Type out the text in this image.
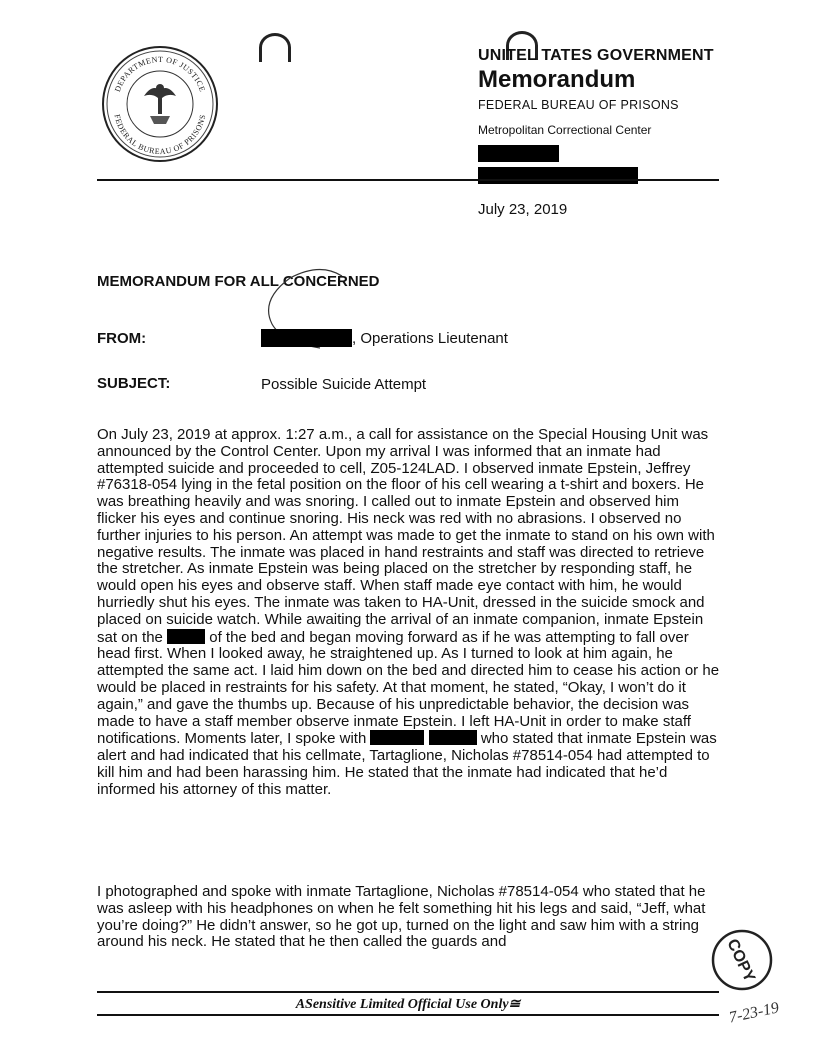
DEPARTMENT OF JUSTICE
FEDERAL BUREAU OF PRISONS
UNITEL TATES GOVERNMENT
Memorandum
FEDERAL BUREAU OF PRISONS
Metropolitan Correctional Center
July 23, 2019
MEMORANDUM FOR ALL CONCERNED
FROM:	, Operations Lieutenant
SUBJECT:	Possible Suicide Attempt

On July 23, 2019 at approx. 1:27 a.m., a call for assistance on the Special Housing Unit was announced by the Control Center. Upon my arrival I was informed that an inmate had attempted suicide and proceeded to cell, Z05-124LAD. I observed inmate Epstein, Jeffrey #76318-054 lying in the fetal position on the floor of his cell wearing a t-shirt and boxers. He was breathing heavily and was snoring. I called out to inmate Epstein and observed him flicker his eyes and continue snoring. His neck was red with no abrasions. I observed no further injuries to his person. An attempt was made to get the inmate to stand on his own with negative results. The inmate was placed in hand restraints and staff was directed to retrieve the stretcher. As inmate Epstein was being placed on the stretcher by responding staff, he would open his eyes and observe staff. When staff made eye contact with him, he would hurriedly shut his eyes. The inmate was taken to HA-Unit, dressed in the suicide smock and placed on suicide watch. While awaiting the arrival of an inmate companion, inmate Epstein sat on the	of the bed and began moving forward as if he was attempting to fall over head first. When I looked away, he straightened up. As I turned to look at him again, he attempted the same act. I laid him down on the bed and directed him to cease his action or he would be placed in restraints for his safety. At that moment, he stated, “Okay, I won’t do it again,” and gave the thumbs up. Because of his unpredictable behavior, the decision was made to have a staff member observe inmate Epstein. I left HA-Unit in order to make staff notifications. Moments later, I spoke with	who stated that inmate Epstein was alert and had indicated that his cellmate, Tartaglione, Nicholas #78514-054 had attempted to kill him and had been harassing him. He stated that the inmate had indicated that he’d informed his attorney of this matter.

I photographed and spoke with inmate Tartaglione, Nicholas #78514-054 who stated that he was asleep with his headphones on when he felt something hit his legs and said, “Jeff, what you’re doing?” He didn’t answer, so he got up, turned on the light and saw him with a string around his neck. He stated that he then called the guards and

ASensitive Limited Official Use Only≅
COPY
7-23-19
